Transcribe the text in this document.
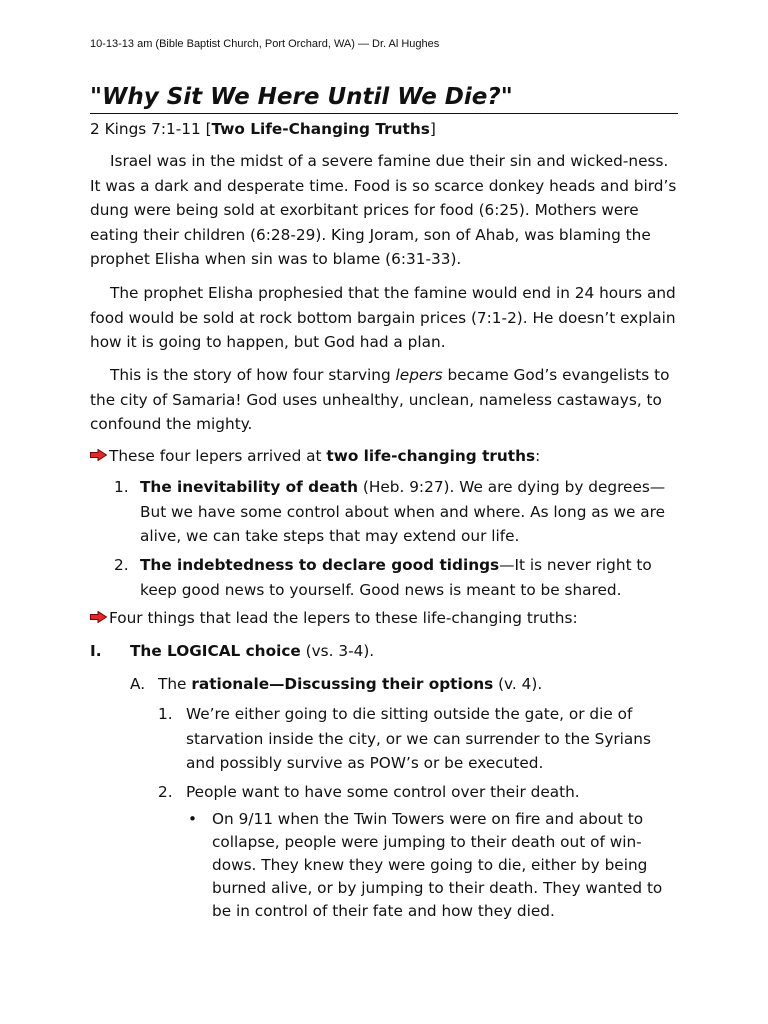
10-13-13 am (Bible Baptist Church, Port Orchard, WA) — Dr. Al Hughes
"Why Sit We Here Until We Die?"
2 Kings 7:1-11 [Two Life-Changing Truths]

Israel was in the midst of a severe famine due their sin and wicked-ness. It was a dark and desperate time. Food is so scarce donkey heads and bird’s dung were being sold at exorbitant prices for food (6:25). Mothers were eating their children (6:28-29). King Joram, son of Ahab, was blaming the prophet Elisha when sin was to blame (6:31-33).

The prophet Elisha prophesied that the famine would end in 24 hours and food would be sold at rock bottom bargain prices (7:1-2). He doesn’t explain how it is going to happen, but God had a plan.

This is the story of how four starving lepers became God’s evangelists to the city of Samaria! God uses unhealthy, unclean, nameless castaways, to confound the mighty.

These four lepers arrived at two life-changing truths:
1. The inevitability of death (Heb. 9:27). We are dying by degrees—But we have some control about when and where. As long as we are alive, we can take steps that may extend our life.
2. The indebtedness to declare good tidings—It is never right to keep good news to yourself. Good news is meant to be shared.
Four things that lead the lepers to these life-changing truths:
I. The LOGICAL choice (vs. 3-4).
A. The rationale—Discussing their options (v. 4).
1. We’re either going to die sitting outside the gate, or die of starvation inside the city, or we can surrender to the Syrians and possibly survive as POW’s or be executed.
2. People want to have some control over their death.
• On 9/11 when the Twin Towers were on fire and about to collapse, people were jumping to their death out of win-dows. They knew they were going to die, either by being burned alive, or by jumping to their death. They wanted to be in control of their fate and how they died.
